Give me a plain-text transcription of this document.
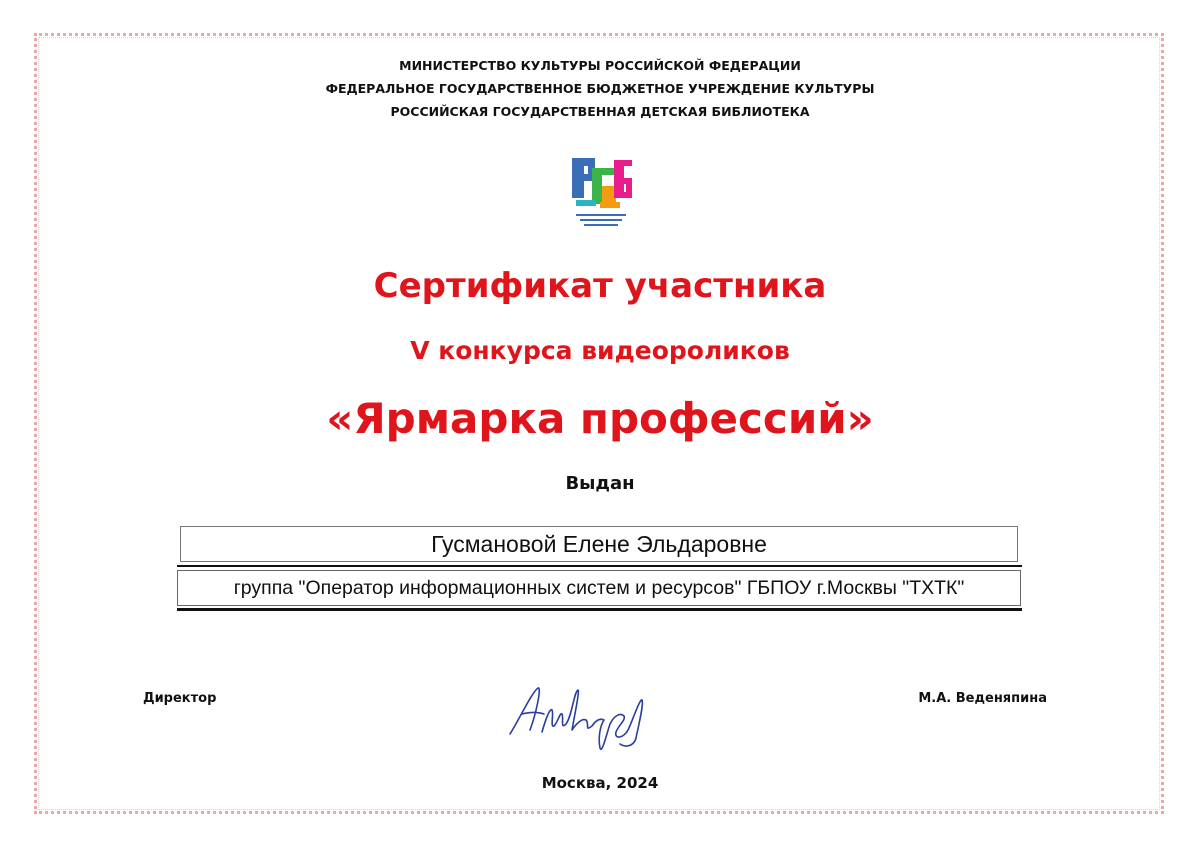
МИНИСТЕРСТВО КУЛЬТУРЫ РОССИЙСКОЙ ФЕДЕРАЦИИ
ФЕДЕРАЛЬНОЕ ГОСУДАРСТВЕННОЕ БЮДЖЕТНОЕ УЧРЕЖДЕНИЕ КУЛЬТУРЫ
РОССИЙСКАЯ ГОСУДАРСТВЕННАЯ ДЕТСКАЯ БИБЛИОТЕКА
Сертификат участника
V конкурса видеороликов
«Ярмарка профессий»
Выдан
Гусмановой Елене Эльдаровне
группа "Оператор информационных систем и ресурсов" ГБПОУ г.Москвы "ТХТК"
Директор	М.А. Веденяпина
Москва, 2024
